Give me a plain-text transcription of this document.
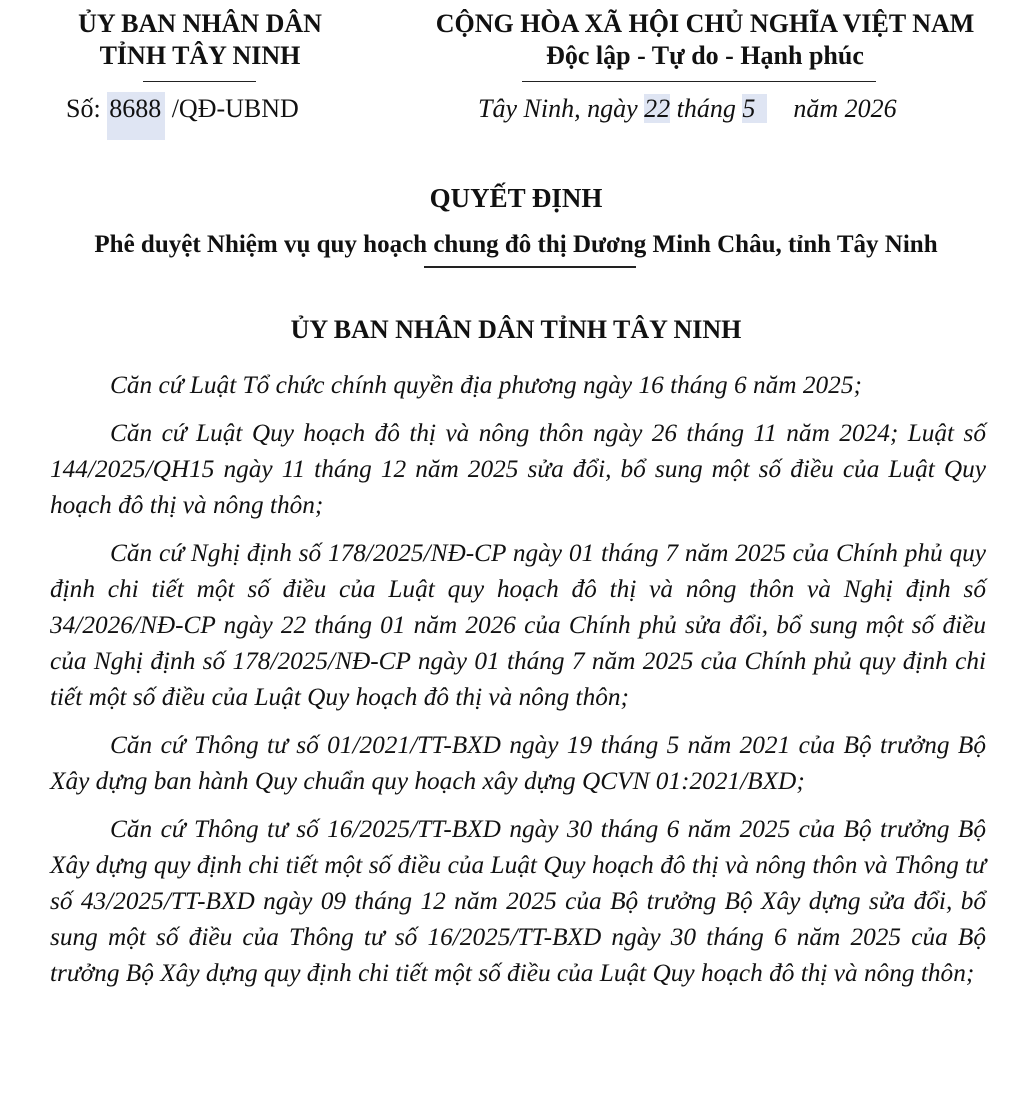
ỦY BAN NHÂN DÂN
TỈNH TÂY NINH
Số: 8688 /QĐ-UBND
CỘNG HÒA XÃ HỘI CHỦ NGHĨA VIỆT NAM
Độc lập - Tự do - Hạnh phúc
Tây Ninh, ngày 22 tháng 5    năm 2026
QUYẾT ĐỊNH
Phê duyệt Nhiệm vụ quy hoạch chung đô thị Dương Minh Châu, tỉnh Tây Ninh
ỦY BAN NHÂN DÂN TỈNH TÂY NINH

Căn cứ Luật Tổ chức chính quyền địa phương ngày 16 tháng 6 năm 2025;

Căn cứ Luật Quy hoạch đô thị và nông thôn ngày 26 tháng 11 năm 2024; Luật số 144/2025/QH15 ngày 11 tháng 12 năm 2025 sửa đổi, bổ sung một số điều của Luật Quy hoạch đô thị và nông thôn;

Căn cứ Nghị định số 178/2025/NĐ-CP ngày 01 tháng 7 năm 2025 của Chính phủ quy định chi tiết một số điều của Luật quy hoạch đô thị và nông thôn và Nghị định số 34/2026/NĐ-CP ngày 22 tháng 01 năm 2026 của Chính phủ sửa đổi, bổ sung một số điều của Nghị định số 178/2025/NĐ-CP ngày 01 tháng 7 năm 2025 của Chính phủ quy định chi tiết một số điều của Luật Quy hoạch đô thị và nông thôn;

Căn cứ Thông tư số 01/2021/TT-BXD ngày 19 tháng 5 năm 2021 của Bộ trưởng Bộ Xây dựng ban hành Quy chuẩn quy hoạch xây dựng QCVN 01:2021/BXD;

Căn cứ Thông tư số 16/2025/TT-BXD ngày 30 tháng 6 năm 2025 của Bộ trưởng Bộ Xây dựng quy định chi tiết một số điều của Luật Quy hoạch đô thị và nông thôn và Thông tư số 43/2025/TT-BXD ngày 09 tháng 12 năm 2025 của Bộ trưởng Bộ Xây dựng sửa đổi, bổ sung một số điều của Thông tư số 16/2025/TT-BXD ngày 30 tháng 6 năm 2025 của Bộ trưởng Bộ Xây dựng quy định chi tiết một số điều của Luật Quy hoạch đô thị và nông thôn;
